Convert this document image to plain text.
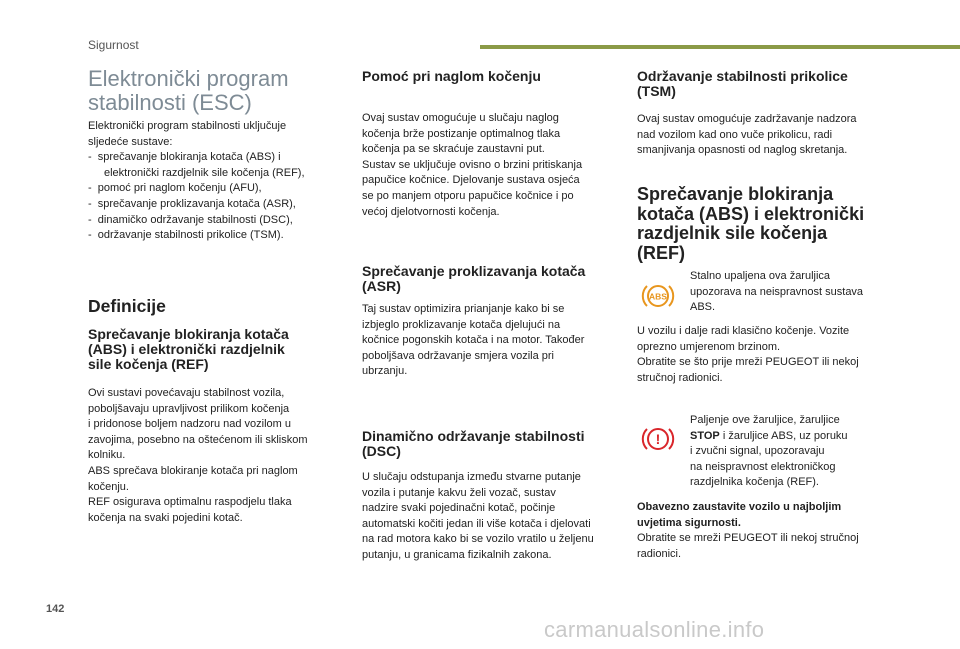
Sigurnost
Elektronički program
stabilnosti (ESC)
Elektronički program stabilnosti uključuje
sljedeće sustave:
-  sprečavanje blokiranja kotača (ABS) i elektronički razdjelnik sile kočenja (REF),
-  pomoć pri naglom kočenju (AFU),
-  sprečavanje proklizavanja kotača (ASR),
-  dinamičko održavanje stabilnosti (DSC),
-  održavanje stabilnosti prikolice (TSM).
Definicije
Sprečavanje blokiranja kotača
(ABS) i elektronički razdjelnik
sile kočenja (REF)
Ovi sustavi povećavaju stabilnost vozila,
poboljšavaju upravljivost prilikom kočenja
i pridonose boljem nadzoru nad vozilom u
zavojima, posebno na oštećenom ili skliskom
kolniku.
ABS sprečava blokiranje kotača pri naglom
kočenju.
REF osigurava optimalnu raspodjelu tlaka
kočenja na svaki pojedini kotač.
Pomoć pri naglom kočenju
Ovaj sustav omogućuje u slučaju naglog
kočenja brže postizanje optimalnog tlaka
kočenja pa se skraćuje zaustavni put.
Sustav se uključuje ovisno o brzini pritiskanja
papučice kočnice. Djelovanje sustava osjeća
se po manjem otporu papučice kočnice i po
većoj djelotvornosti kočenja.
Sprečavanje proklizavanja kotača
(ASR)
Taj sustav optimizira prianjanje kako bi se
izbjeglo proklizavanje kotača djelujući na
kočnice pogonskih kotača i na motor. Također
poboljšava održavanje smjera vozila pri
ubrzanju.
Dinamično održavanje stabilnosti
(DSC)
U slučaju odstupanja između stvarne putanje
vozila i putanje kakvu želi vozač, sustav
nadzire svaki pojedinačni kotač, počinje
automatski kočiti jedan ili više kotača i djelovati
na rad motora kako bi se vozilo vratilo u željenu
putanju, u granicama fizikalnih zakona.
Održavanje stabilnosti prikolice
(TSM)
Ovaj sustav omogućuje zadržavanje nadzora
nad vozilom kad ono vuče prikolicu, radi
smanjivanja opasnosti od naglog skretanja.
Sprečavanje blokiranja
kotača (ABS) i elektronički
razdjelnik sile kočenja
(REF)
ABS
Stalno upaljena ova žaruljica
upozorava na neispravnost sustava
ABS.
U vozilu i dalje radi klasično kočenje. Vozite
oprezno umjerenom brzinom.
Obratite se što prije mreži PEUGEOT ili nekoj
stručnoj radionici.
!
Paljenje ove žaruljice, žaruljice
STOP i žaruljice ABS, uz poruku
i zvučni signal, upozoravaju
na neispravnost elektroničkog
razdjelnika kočenja (REF).
Obavezno zaustavite vozilo u najboljim
uvjetima sigurnosti.
Obratite se mreži PEUGEOT ili nekoj stručnoj
radionici.
142
carmanualsonline.info
